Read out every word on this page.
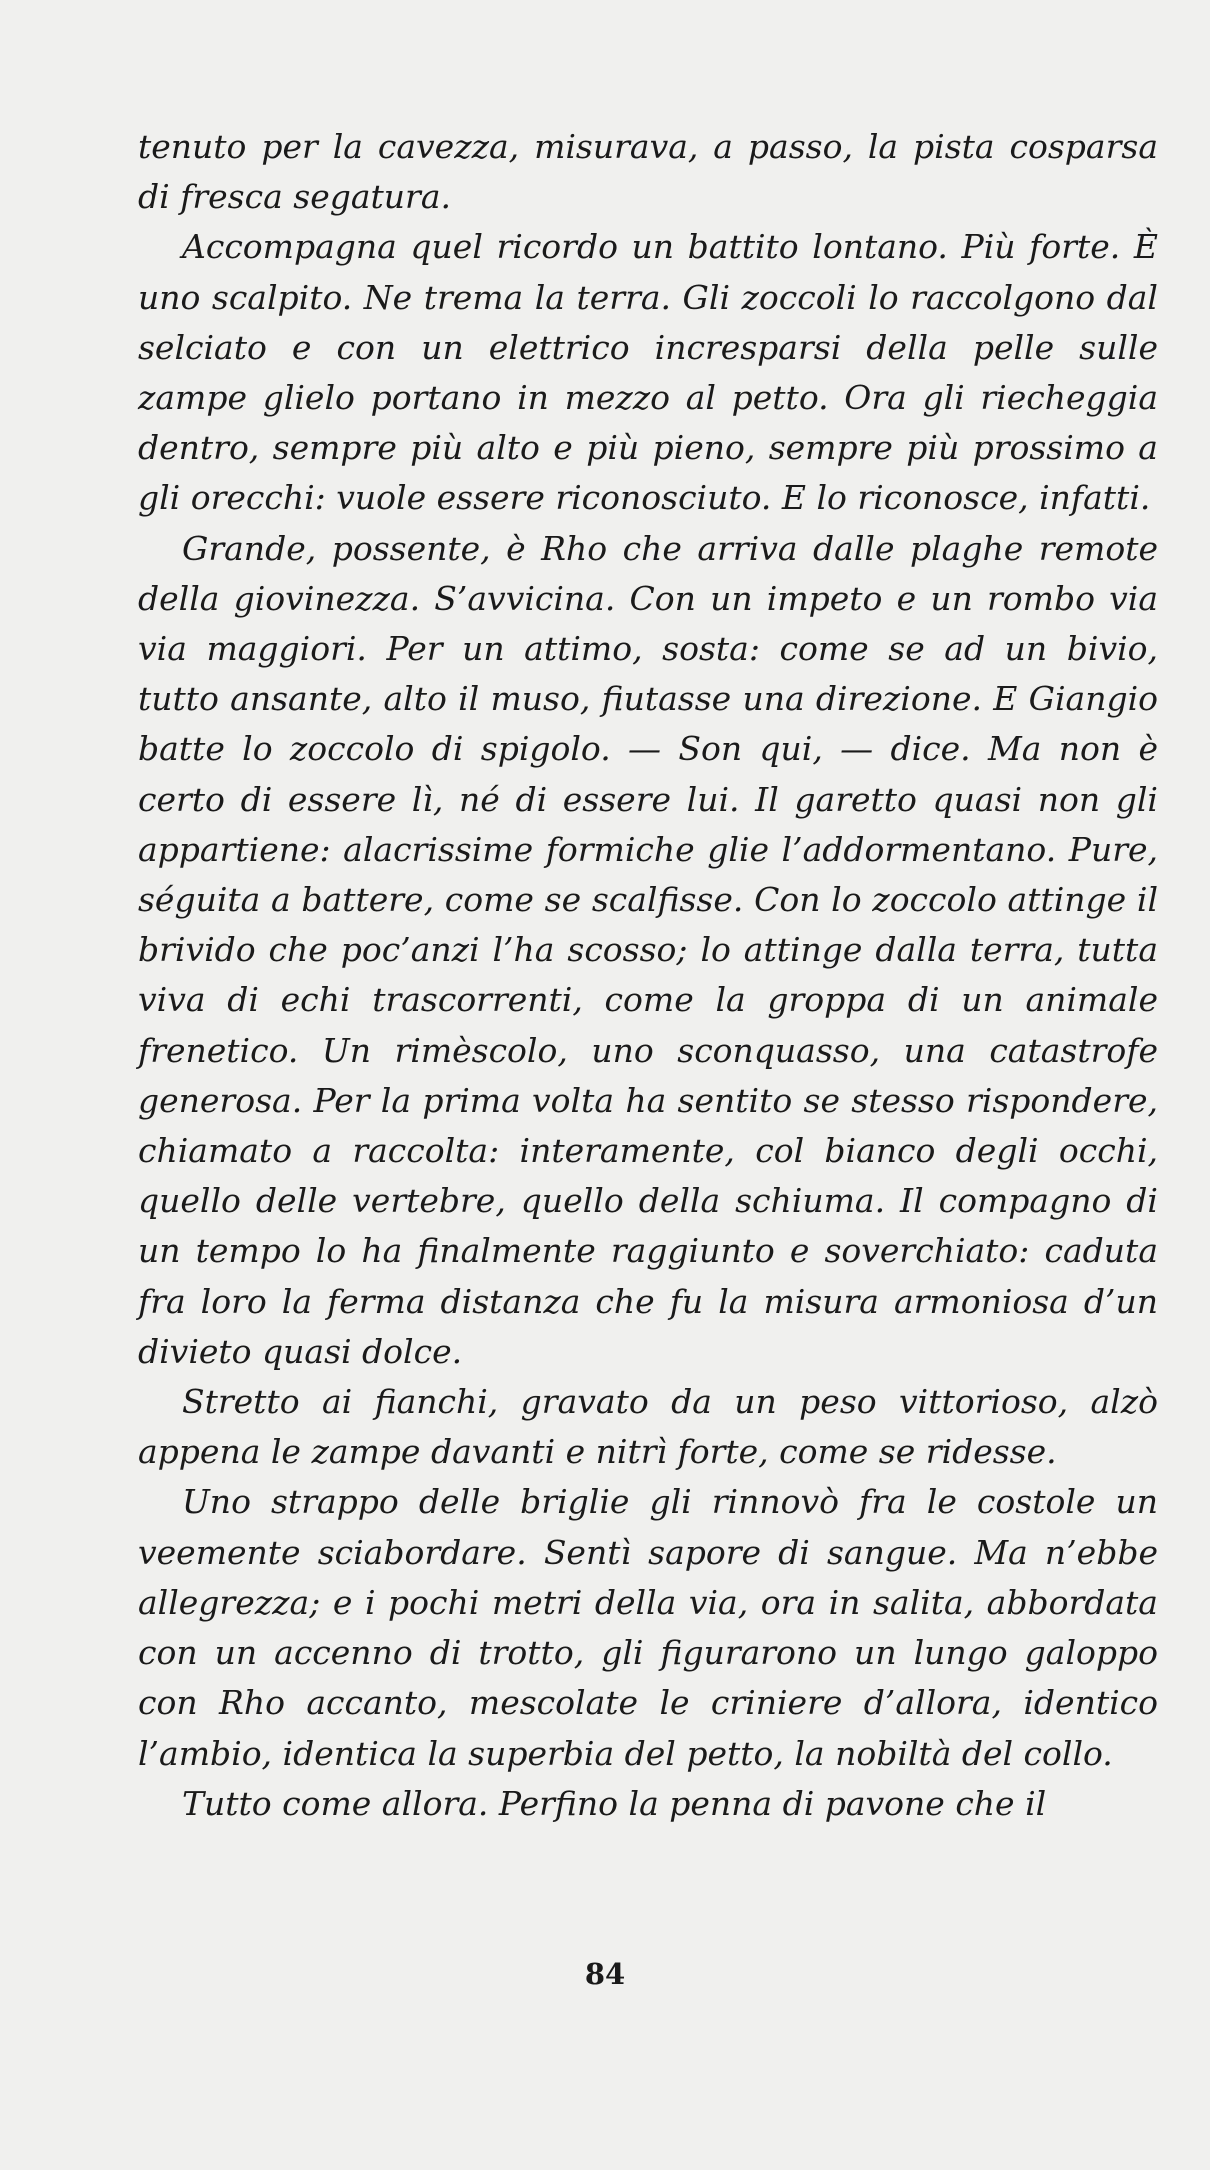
tenuto per la cavezza, misurava, a passo, la pista cosparsa di fresca segatura.

Accompagna quel ricordo un battito lontano. Più forte. È uno scalpito. Ne trema la terra. Gli zoccoli lo raccolgono dal selciato e con un elettrico incresparsi della pelle sulle zampe glielo portano in mezzo al petto. Ora gli riecheggia dentro, sempre più alto e più pieno, sempre più prossimo a gli orecchi: vuole essere riconosciuto. E lo riconosce, infatti.

Grande, possente, è Rho che arriva dalle plaghe remote della giovinezza. S’avvicina. Con un impeto e un rombo via via maggiori. Per un attimo, sosta: come se ad un bivio, tutto ansante, alto il muso, fiutasse una direzione. E Giangio batte lo zoccolo di spigolo. — Son qui, — dice. Ma non è certo di essere lì, né di essere lui. Il garetto quasi non gli appartiene: alacrissime formiche glie l’addormentano. Pure, séguita a battere, come se scalfisse. Con lo zoccolo attinge il brivido che poc’anzi l’ha scosso; lo attinge dalla terra, tutta viva di echi trascorrenti, come la groppa di un animale frenetico. Un rimèscolo, uno sconquasso, una catastrofe generosa. Per la prima volta ha sentito se stesso rispondere, chiamato a raccolta: interamente, col bianco degli occhi, quello delle vertebre, quello della schiuma. Il compagno di un tempo lo ha finalmente raggiunto e soverchiato: caduta fra loro la ferma distanza che fu la misura armoniosa d’un divieto quasi dolce.

Stretto ai fianchi, gravato da un peso vittorioso, alzò appena le zampe davanti e nitrì forte, come se ridesse.

Uno strappo delle briglie gli rinnovò fra le costole un veemente sciabordare. Sentì sapore di sangue. Ma n’ebbe allegrezza; e i pochi metri della via, ora in salita, abbordata con un accenno di trotto, gli figurarono un lungo galoppo con Rho accanto, mescolate le criniere d’allora, identico l’ambio, identica la superbia del petto, la nobiltà del collo.

Tutto come allora. Perfino la penna di pavone che il

84
